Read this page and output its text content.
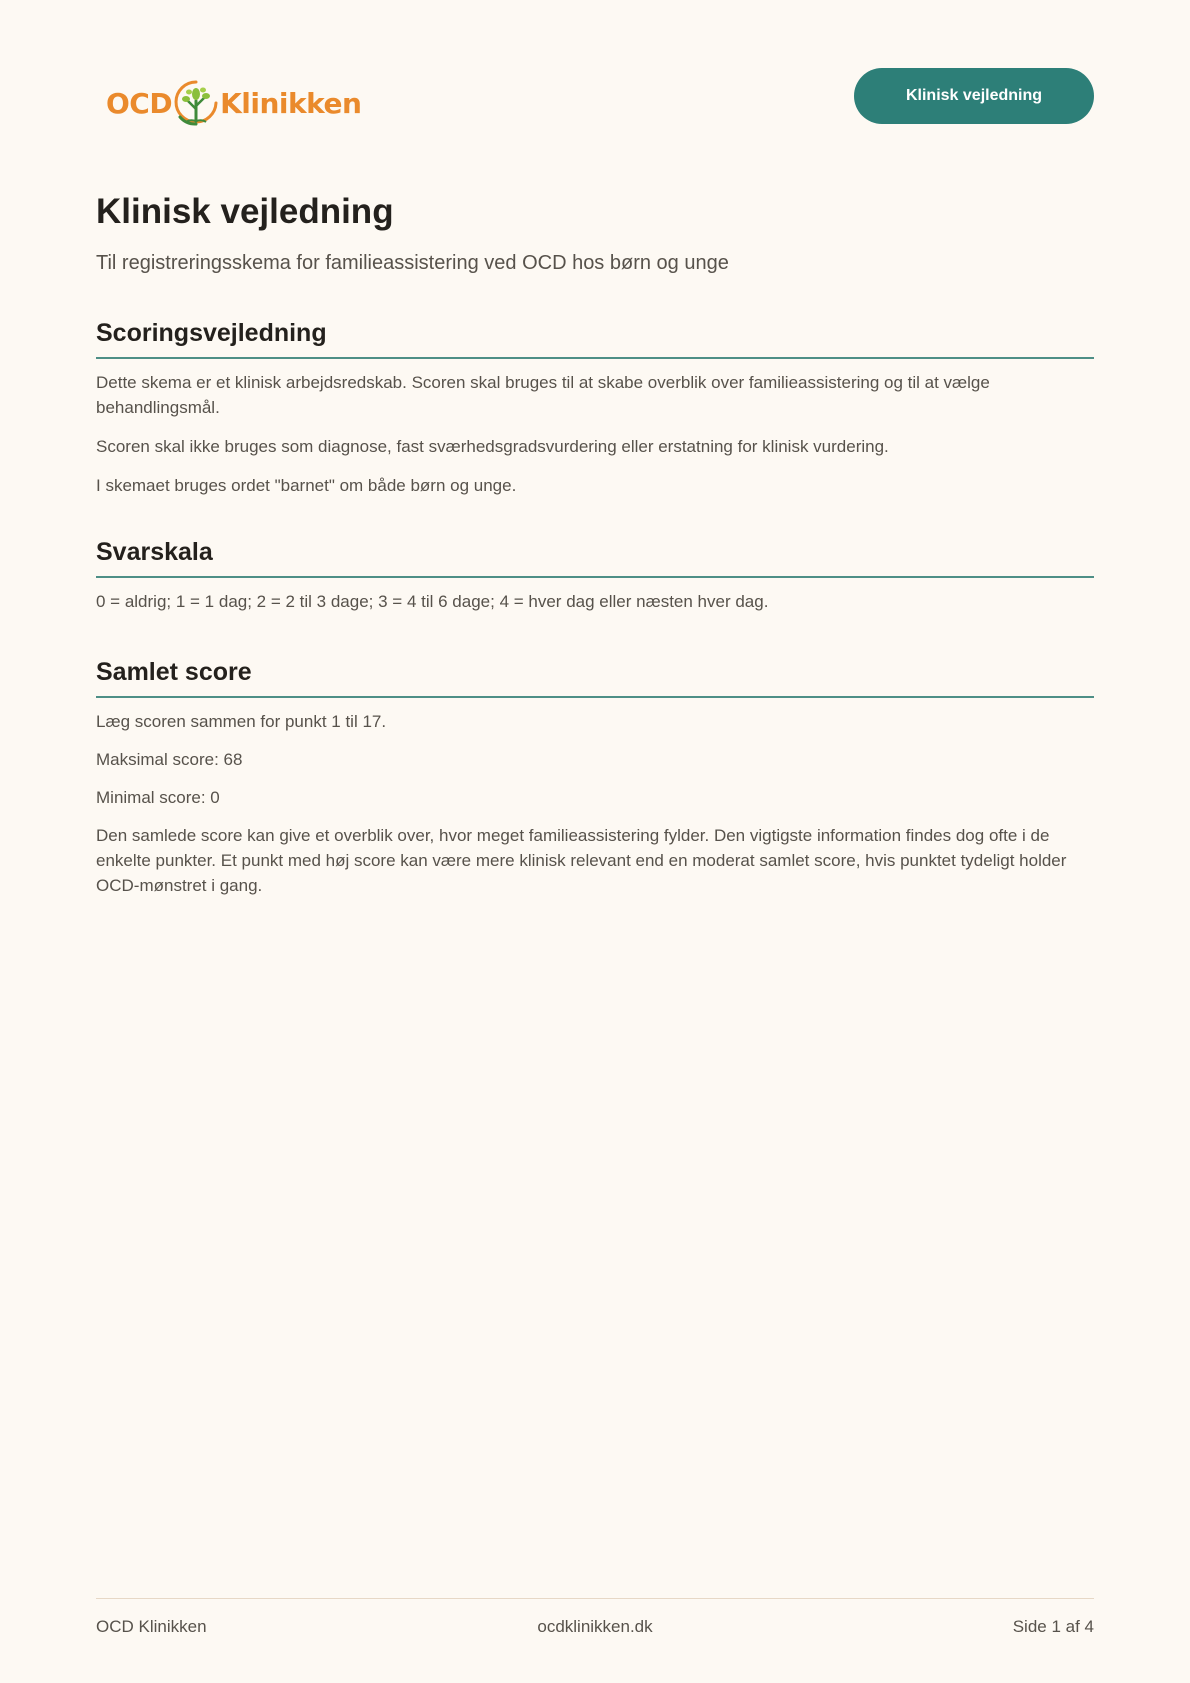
OCD Klinikken	Klinisk vejledning
Klinisk vejledning

Til registreringsskema for familieassistering ved OCD hos børn og unge

Scoringsvejledning

Dette skema er et klinisk arbejdsredskab. Scoren skal bruges til at skabe overblik over familieassistering og til at vælge behandlingsmål.

Scoren skal ikke bruges som diagnose, fast sværhedsgradsvurdering eller erstatning for klinisk vurdering.

I skemaet bruges ordet "barnet" om både børn og unge.

Svarskala

0 = aldrig; 1 = 1 dag; 2 = 2 til 3 dage; 3 = 4 til 6 dage; 4 = hver dag eller næsten hver dag.

Samlet score

Læg scoren sammen for punkt 1 til 17.

Maksimal score: 68

Minimal score: 0

Den samlede score kan give et overblik over, hvor meget familieassistering fylder. Den vigtigste information findes dog ofte i de enkelte punkter. Et punkt med høj score kan være mere klinisk relevant end en moderat samlet score, hvis punktet tydeligt holder OCD-mønstret i gang.

OCD Klinikken	ocdklinikken.dk	Side 1 af 4
